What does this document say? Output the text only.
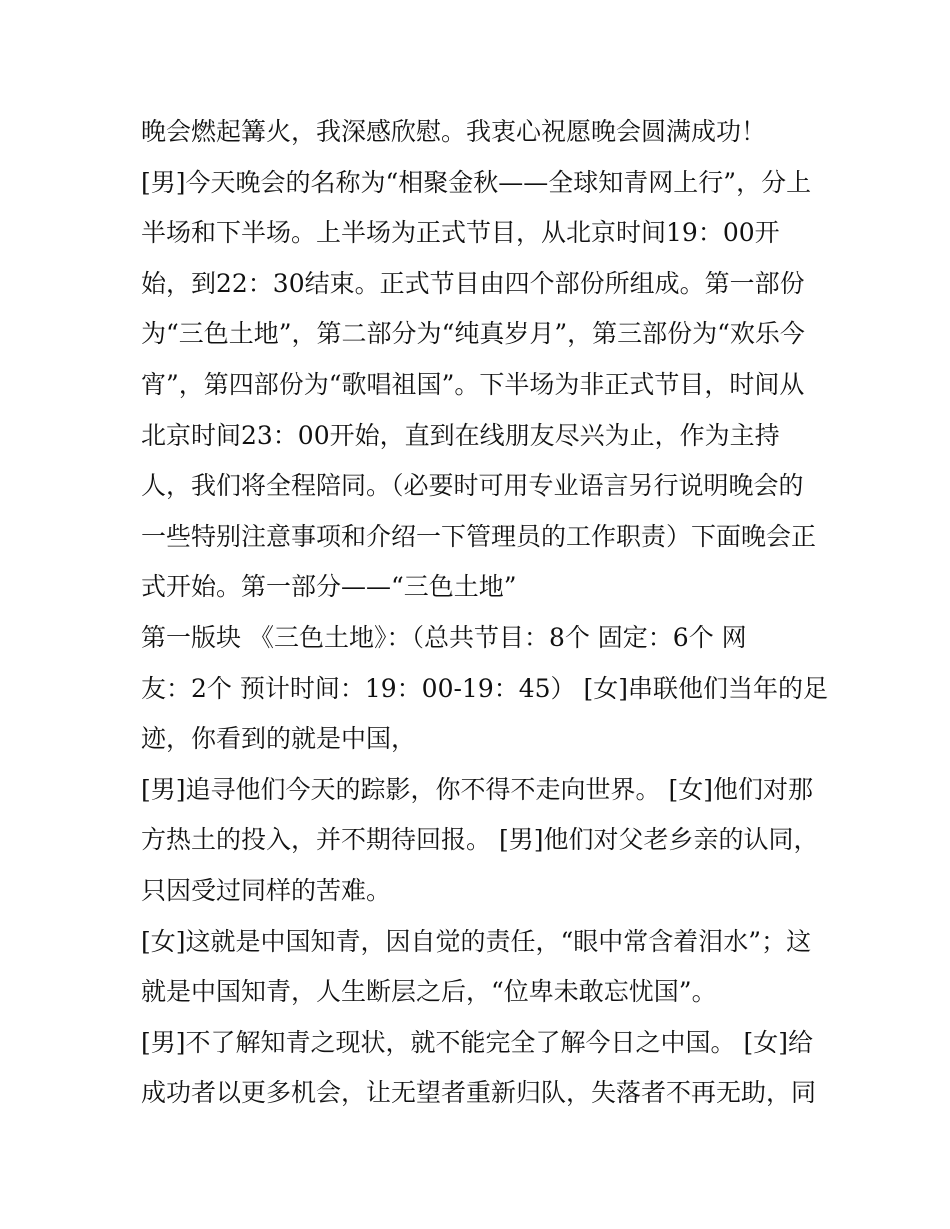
晚会燃起篝火，我深感欣慰。我衷心祝愿晚会圆满成功！
[男]今天晚会的名称为“相聚金秋——全球知青网上行”，分上
半场和下半场。上半场为正式节目，从北京时间19：00开
始，到22：30结束。正式节目由四个部份所组成。第一部份
为“三色土地”，第二部分为“纯真岁月”，第三部份为“欢乐今
宵”，第四部份为“歌唱祖国”。下半场为非正式节目，时间从
北京时间23：00开始，直到在线朋友尽兴为止，作为主持
人，我们将全程陪同。（必要时可用专业语言另行说明晚会的
一些特别注意事项和介绍一下管理员的工作职责）下面晚会正
式开始。第一部分——“三色土地”
第一版块 《三色土地》：（总共节目：8个 固定：6个 网
友：2个 预计时间：19：00-19：45） [女]串联他们当年的足
迹，你看到的就是中国，
[男]追寻他们今天的踪影，你不得不走向世界。 [女]他们对那
方热土的投入，并不期待回报。 [男]他们对父老乡亲的认同，
只因受过同样的苦难。
[女]这就是中国知青，因自觉的责任，“眼中常含着泪水”；这
就是中国知青，人生断层之后，“位卑未敢忘忧国”。
[男]不了解知青之现状，就不能完全了解今日之中国。 [女]给
成功者以更多机会，让无望者重新归队，失落者不再无助，同
